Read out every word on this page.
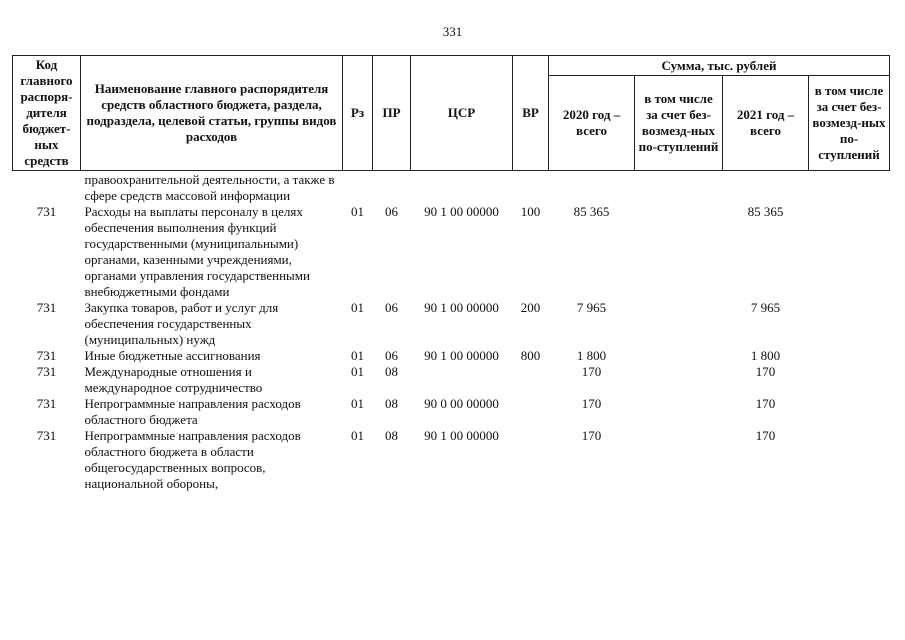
331
Код главного распоря-дителя бюджет-ных средств	Наименование главного распорядителя средств областного бюджета, раздела, подраздела, целевой статьи, группы видов расходов	Рз	ПР	ЦСР	ВР	Сумма, тыс. рублей			
						2020 год – всего	в том числе за счет без-возмезд-ных по-ступлений	2021 год – всего	в том числе за счет без-возмезд-ных по-ступлений
	правоохранительной деятельности, а также в сфере средств массовой информации								
731	Расходы на выплаты персоналу в целях обеспечения выполнения функций государственными (муниципальными) органами, казенными учреждениями, органами управления государственными внебюджетными фондами	01	06	90 1 00 00000	100	85 365		85 365	
731	Закупка товаров, работ и услуг для обеспечения государственных (муниципальных) нужд	01	06	90 1 00 00000	200	7 965		7 965	
731	Иные бюджетные ассигнования	01	06	90 1 00 00000	800	1 800		1 800	
731	Международные отношения и международное сотрудничество	01	08			170		170	
731	Непрограммные направления расходов областного бюджета	01	08	90 0 00 00000		170		170	
731	Непрограммные направления расходов областного бюджета в области общегосударственных вопросов, национальной обороны,	01	08	90 1 00 00000		170		170	
